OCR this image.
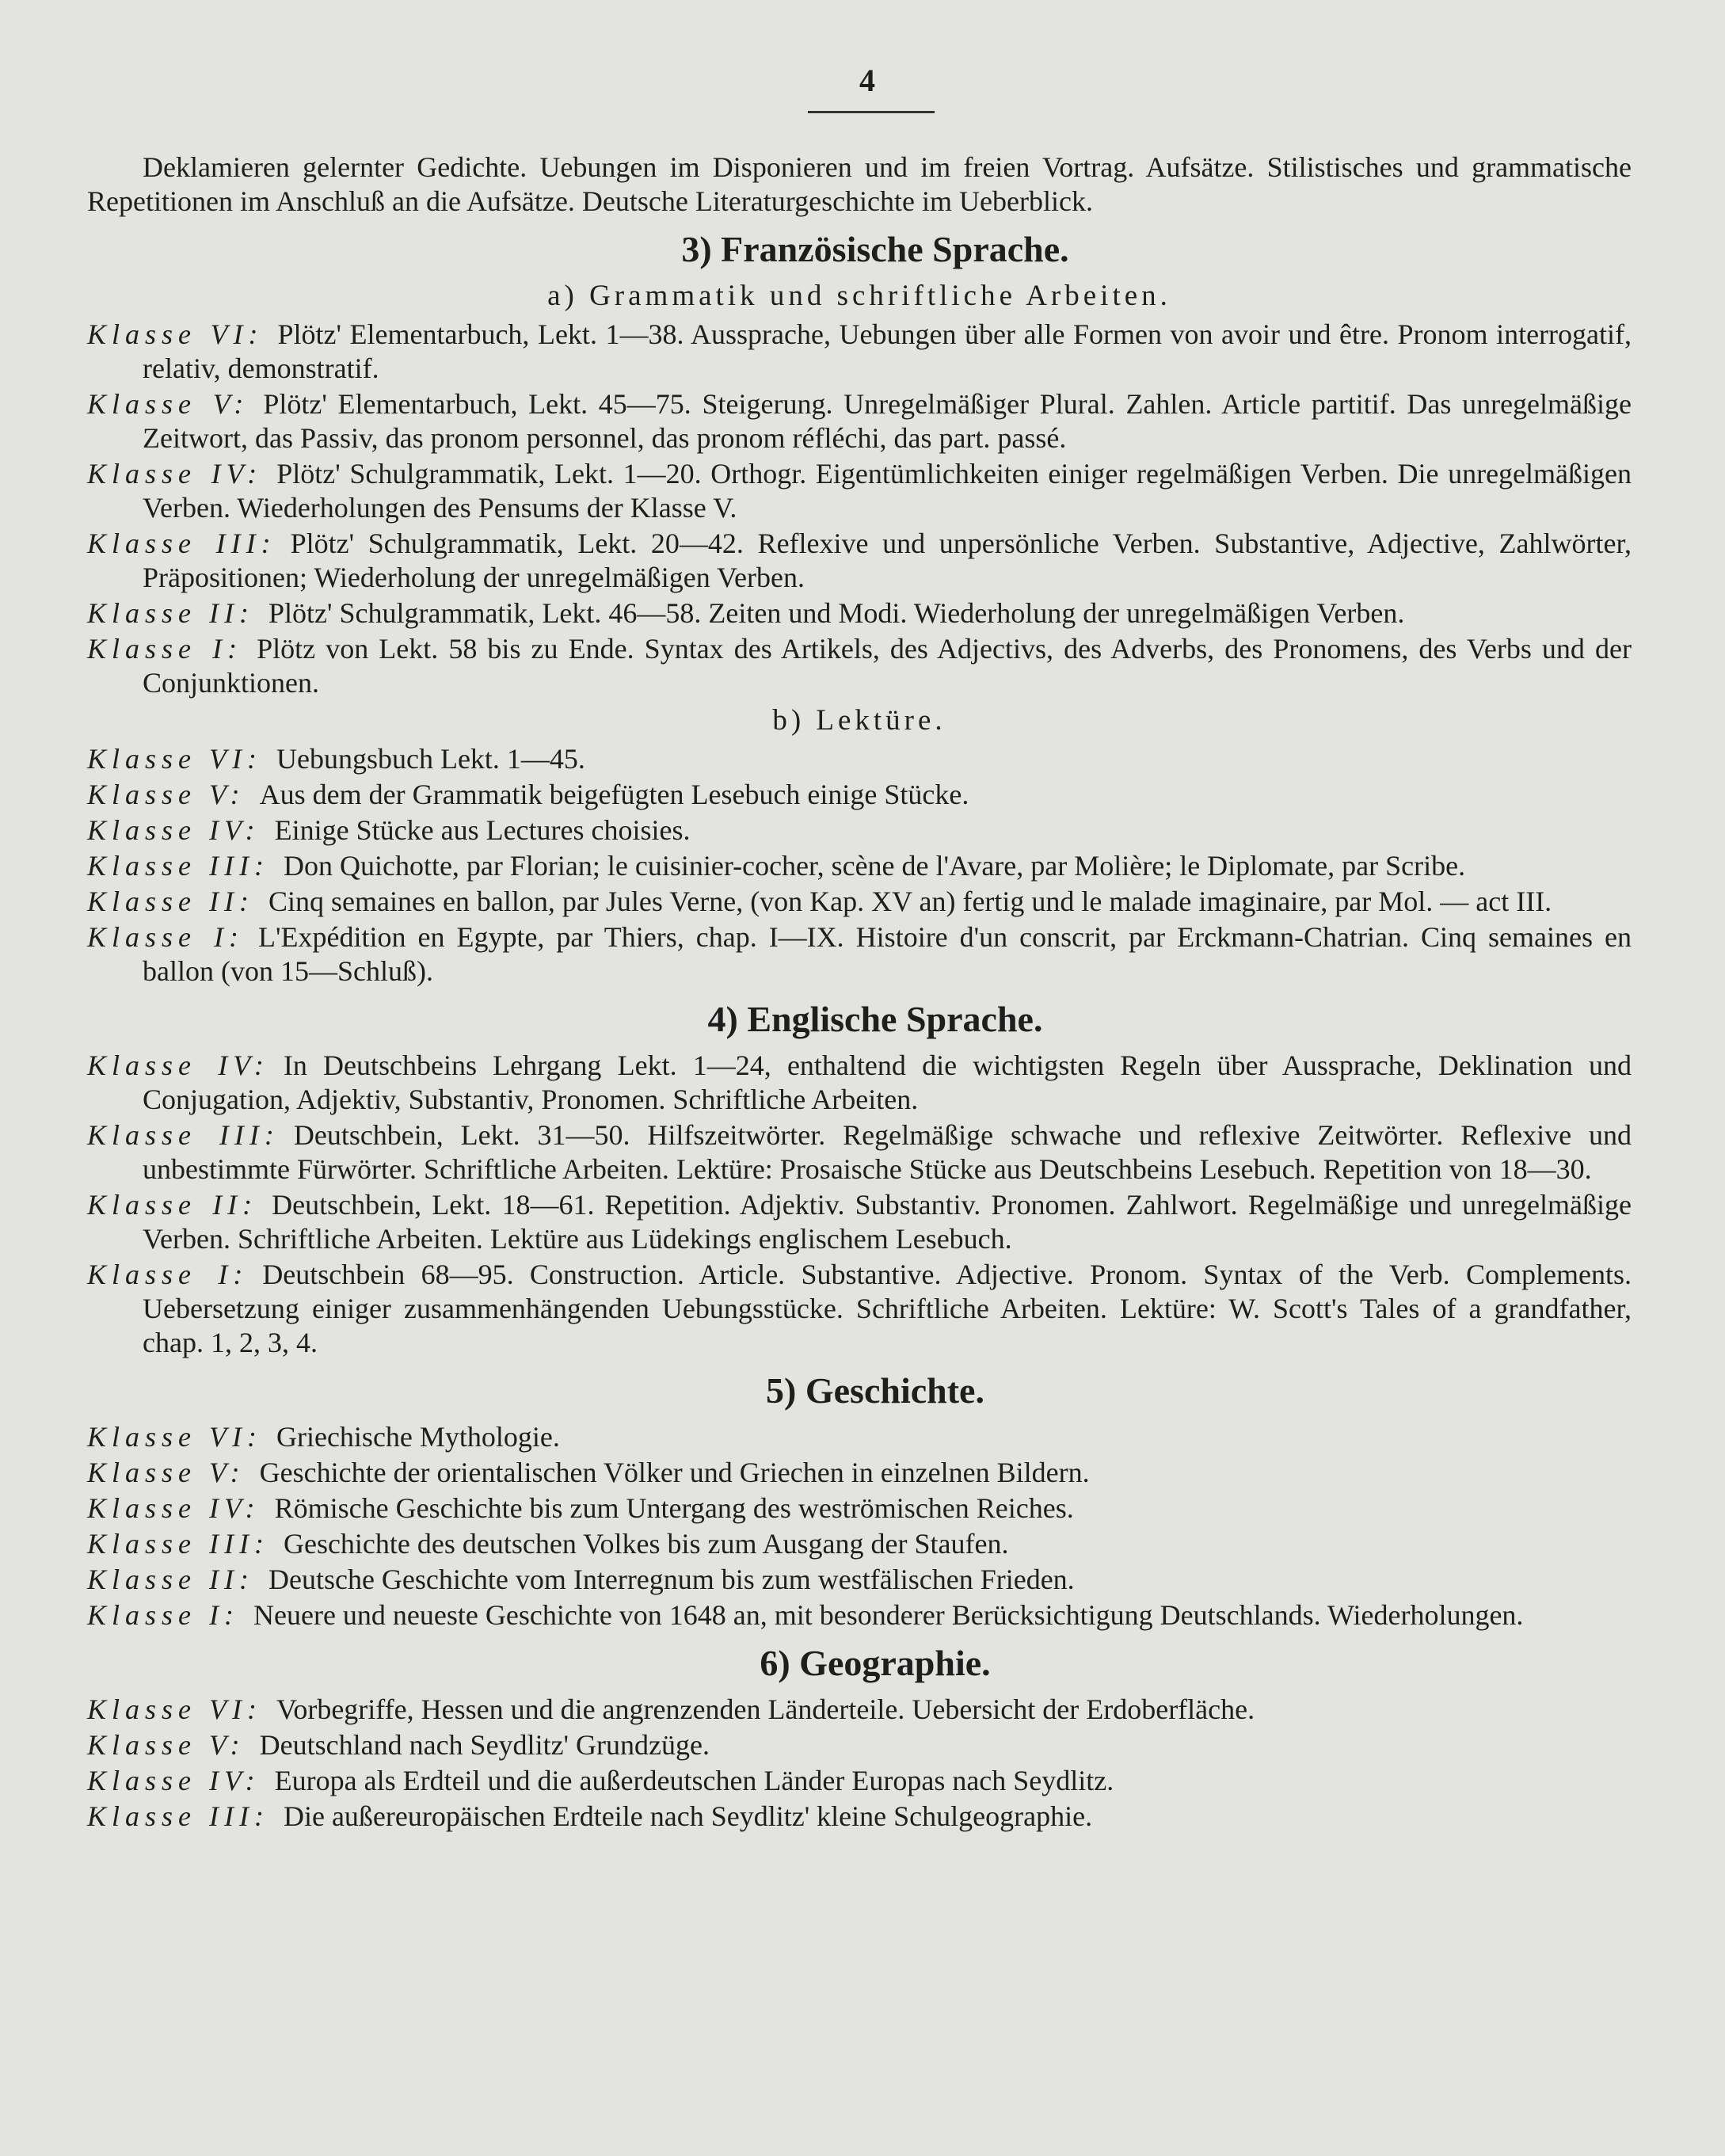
4
Deklamieren gelernter Gedichte. Uebungen im Disponieren und im freien Vortrag. Aufsätze. Stilistisches und grammatische Repetitionen im Anschluß an die Aufsätze. Deutsche Literaturgeschichte im Ueberblick.
3) Französische Sprache.
a) Grammatik und schriftliche Arbeiten.
Klasse VI: Plötz' Elementarbuch, Lekt. 1—38. Aussprache, Uebungen über alle Formen von avoir und être. Pronom interrogatif, relativ, demonstratif.
Klasse V: Plötz' Elementarbuch, Lekt. 45—75. Steigerung. Unregelmäßiger Plural. Zahlen. Article partitif. Das unregelmäßige Zeitwort, das Passiv, das pronom personnel, das pronom réfléchi, das part. passé.
Klasse IV: Plötz' Schulgrammatik, Lekt. 1—20. Orthogr. Eigentümlichkeiten einiger regelmäßigen Verben. Die unregelmäßigen Verben. Wiederholungen des Pensums der Klasse V.
Klasse III: Plötz' Schulgrammatik, Lekt. 20—42. Reflexive und unpersönliche Verben. Substantive, Adjective, Zahlwörter, Präpositionen; Wiederholung der unregelmäßigen Verben.
Klasse II: Plötz' Schulgrammatik, Lekt. 46—58. Zeiten und Modi. Wiederholung der unregelmäßigen Verben.
Klasse I: Plötz von Lekt. 58 bis zu Ende. Syntax des Artikels, des Adjectivs, des Adverbs, des Pronomens, des Verbs und der Conjunktionen.
b) Lektüre.
Klasse VI: Uebungsbuch Lekt. 1—45.
Klasse V: Aus dem der Grammatik beigefügten Lesebuch einige Stücke.
Klasse IV: Einige Stücke aus Lectures choisies.
Klasse III: Don Quichotte, par Florian; le cuisinier-cocher, scène de l'Avare, par Molière; le Diplomate, par Scribe.
Klasse II: Cinq semaines en ballon, par Jules Verne, (von Kap. XV an) fertig und le malade imaginaire, par Mol. — act III.
Klasse I: L'Expédition en Egypte, par Thiers, chap. I—IX. Histoire d'un conscrit, par Erckmann-Chatrian. Cinq semaines en ballon (von 15—Schluß).
4) Englische Sprache.
Klasse IV: In Deutschbeins Lehrgang Lekt. 1—24, enthaltend die wichtigsten Regeln über Aussprache, Deklination und Conjugation, Adjektiv, Substantiv, Pronomen. Schriftliche Arbeiten.
Klasse III: Deutschbein, Lekt. 31—50. Hilfszeitwörter. Regelmäßige schwache und reflexive Zeitwörter. Reflexive und unbestimmte Fürwörter. Schriftliche Arbeiten. Lektüre: Prosaische Stücke aus Deutschbeins Lesebuch. Repetition von 18—30.
Klasse II: Deutschbein, Lekt. 18—61. Repetition. Adjektiv. Substantiv. Pronomen. Zahlwort. Regelmäßige und unregelmäßige Verben. Schriftliche Arbeiten. Lektüre aus Lüdekings englischem Lesebuch.
Klasse I: Deutschbein 68—95. Construction. Article. Substantive. Adjective. Pronom. Syntax of the Verb. Complements. Uebersetzung einiger zusammenhängenden Uebungsstücke. Schriftliche Arbeiten. Lektüre: W. Scott's Tales of a grandfather, chap. 1, 2, 3, 4.
5) Geschichte.
Klasse VI: Griechische Mythologie.
Klasse V: Geschichte der orientalischen Völker und Griechen in einzelnen Bildern.
Klasse IV: Römische Geschichte bis zum Untergang des weströmischen Reiches.
Klasse III: Geschichte des deutschen Volkes bis zum Ausgang der Staufen.
Klasse II: Deutsche Geschichte vom Interregnum bis zum westfälischen Frieden.
Klasse I: Neuere und neueste Geschichte von 1648 an, mit besonderer Berücksichtigung Deutschlands. Wiederholungen.
6) Geographie.
Klasse VI: Vorbegriffe, Hessen und die angrenzenden Länderteile. Uebersicht der Erdoberfläche.
Klasse V: Deutschland nach Seydlitz' Grundzüge.
Klasse IV: Europa als Erdteil und die außerdeutschen Länder Europas nach Seydlitz.
Klasse III: Die außereuropäischen Erdteile nach Seydlitz' kleine Schulgeographie.
